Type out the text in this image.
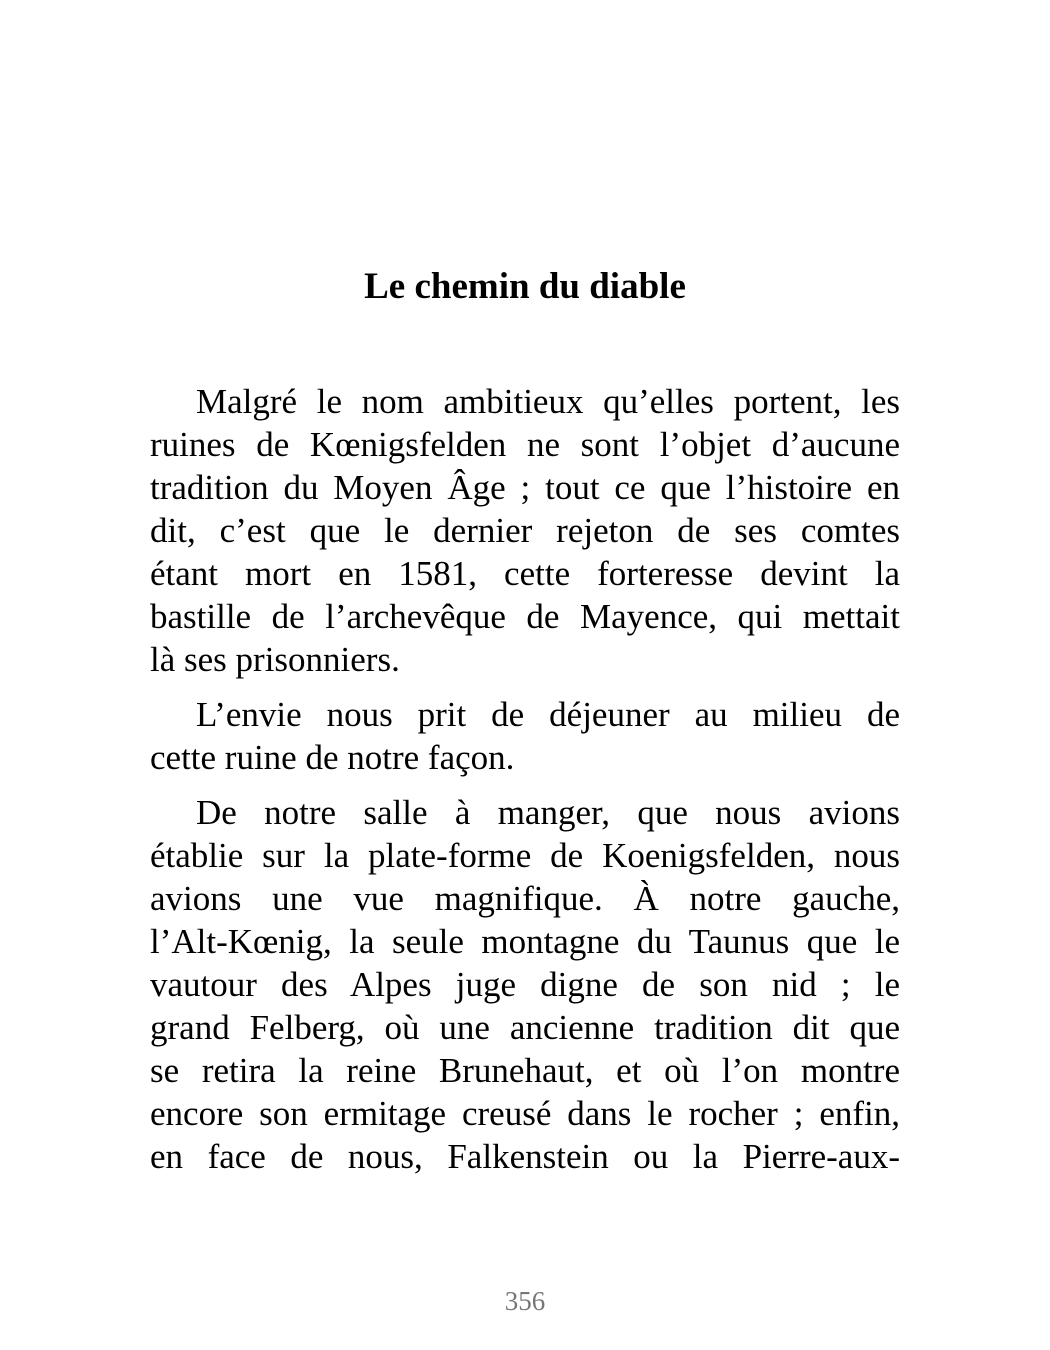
Le chemin du diable

Malgré le nom ambitieux qu’elles portent, les
ruines de Kœnigsfelden ne sont l’objet d’aucune
tradition du Moyen Âge ; tout ce que l’histoire en
dit, c’est que le dernier rejeton de ses comtes
étant mort en 1581, cette forteresse devint la
bastille de l’archevêque de Mayence, qui mettait
là ses prisonniers.

L’envie nous prit de déjeuner au milieu de
cette ruine de notre façon.

De notre salle à manger, que nous avions
établie sur la plate-forme de Koenigsfelden, nous
avions une vue magnifique. À notre gauche,
l’Alt-Kœnig, la seule montagne du Taunus que le
vautour des Alpes juge digne de son nid ; le
grand Felberg, où une ancienne tradition dit que
se retira la reine Brunehaut, et où l’on montre
encore son ermitage creusé dans le rocher ; enfin,
en face de nous, Falkenstein ou la Pierre-aux-

356
